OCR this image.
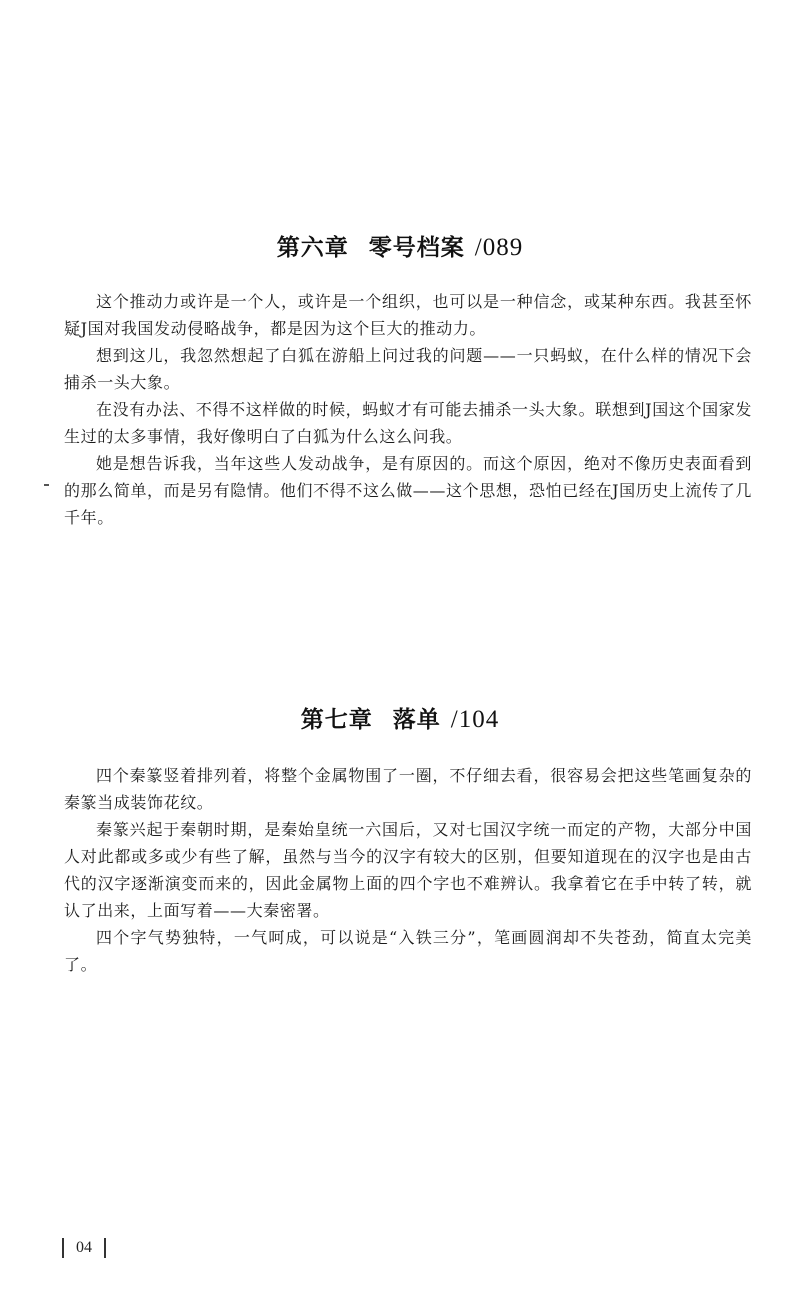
第六章 零号档案 /089

这个推动力或许是一个人，或许是一个组织，也可以是一种信念，或某种东西。我甚至怀疑J国对我国发动侵略战争，都是因为这个巨大的推动力。

想到这儿，我忽然想起了白狐在游船上问过我的问题——一只蚂蚁，在什么样的情况下会捕杀一头大象。

在没有办法、不得不这样做的时候，蚂蚁才有可能去捕杀一头大象。联想到J国这个国家发生过的太多事情，我好像明白了白狐为什么这么问我。

她是想告诉我，当年这些人发动战争，是有原因的。而这个原因，绝对不像历史表面看到的那么简单，而是另有隐情。他们不得不这么做——这个思想，恐怕已经在J国历史上流传了几千年。

第七章 落单 /104

四个秦篆竖着排列着，将整个金属物围了一圈，不仔细去看，很容易会把这些笔画复杂的秦篆当成装饰花纹。

秦篆兴起于秦朝时期，是秦始皇统一六国后，又对七国汉字统一而定的产物，大部分中国人对此都或多或少有些了解，虽然与当今的汉字有较大的区别，但要知道现在的汉字也是由古代的汉字逐渐演变而来的，因此金属物上面的四个字也不难辨认。我拿着它在手中转了转，就认了出来，上面写着——大秦密署。

四个字气势独特，一气呵成，可以说是“入铁三分”，笔画圆润却不失苍劲，简直太完美了。

04
